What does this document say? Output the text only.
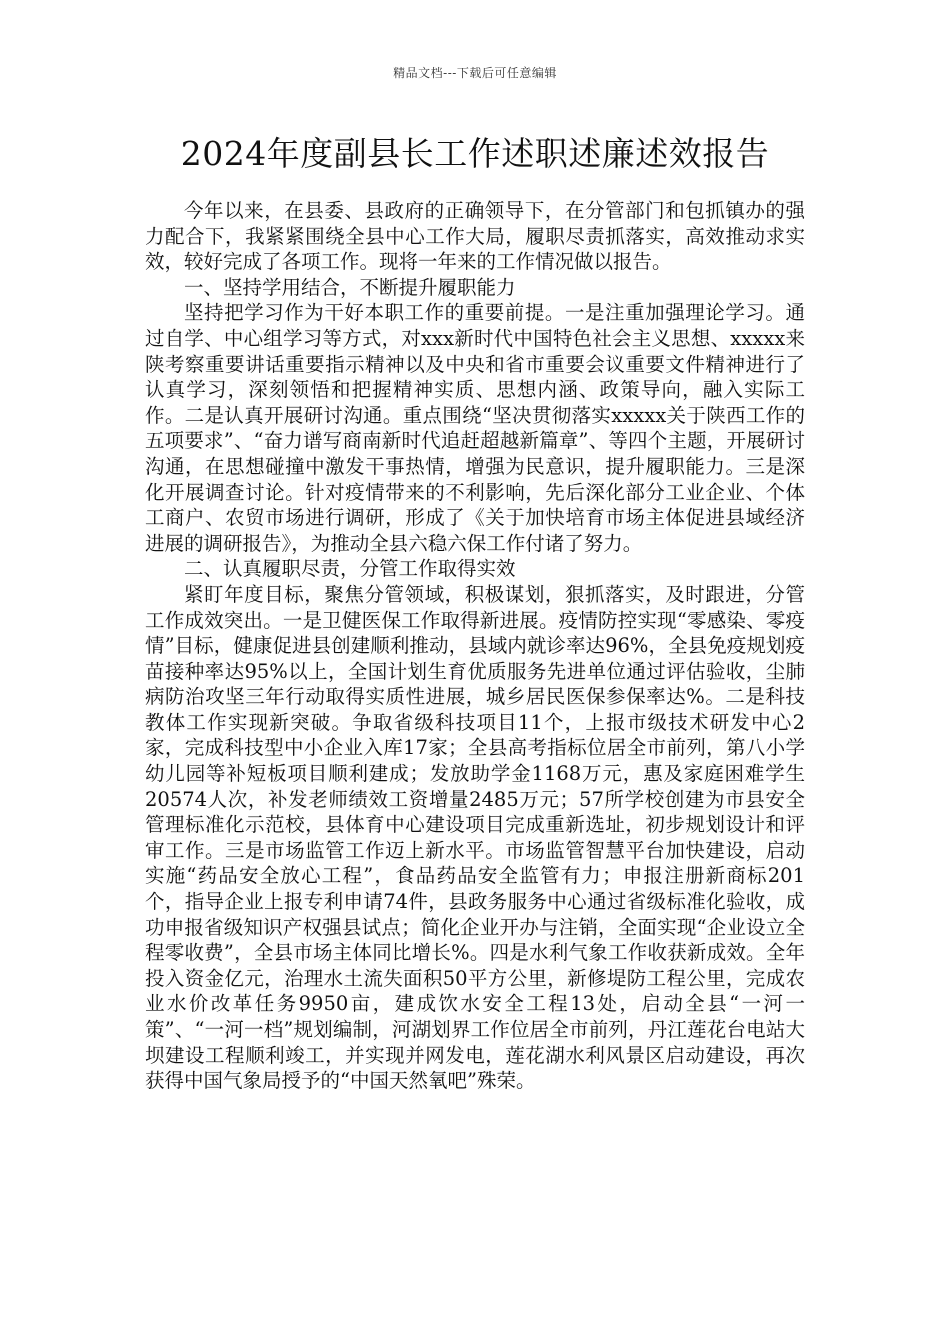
精品文档---下载后可任意编辑
2024年度副县长工作述职述廉述效报告

今年以来，在县委、县政府的正确领导下，在分管部门和包抓镇办的强力配合下，我紧紧围绕全县中心工作大局，履职尽责抓落实，高效推动求实效，较好完成了各项工作。现将一年来的工作情况做以报告。

一、坚持学用结合，不断提升履职能力

坚持把学习作为干好本职工作的重要前提。一是注重加强理论学习。通过自学、中心组学习等方式，对xxx新时代中国特色社会主义思想、xxxxx来陕考察重要讲话重要指示精神以及中央和省市重要会议重要文件精神进行了认真学习，深刻领悟和把握精神实质、思想内涵、政策导向，融入实际工作。二是认真开展研讨沟通。重点围绕“坚决贯彻落实xxxxx关于陕西工作的五项要求”、“奋力谱写商南新时代追赶超越新篇章”、等四个主题，开展研讨沟通，在思想碰撞中激发干事热情，增强为民意识，提升履职能力。三是深化开展调查讨论。针对疫情带来的不利影响，先后深化部分工业企业、个体工商户、农贸市场进行调研，形成了《关于加快培育市场主体促进县域经济进展的调研报告》，为推动全县六稳六保工作付诸了努力。

二、认真履职尽责，分管工作取得实效

紧盯年度目标，聚焦分管领域，积极谋划，狠抓落实，及时跟进，分管工作成效突出。一是卫健医保工作取得新进展。疫情防控实现“零感染、零疫情”目标，健康促进县创建顺利推动，县域内就诊率达96%，全县免疫规划疫苗接种率达95%以上，全国计划生育优质服务先进单位通过评估验收，尘肺病防治攻坚三年行动取得实质性进展，城乡居民医保参保率达%。二是科技教体工作实现新突破。争取省级科技项目11个，上报市级技术研发中心2家，完成科技型中小企业入库17家；全县高考指标位居全市前列，第八小学幼儿园等补短板项目顺利建成；发放助学金1168万元，惠及家庭困难学生20574人次，补发老师绩效工资增量2485万元；57所学校创建为市县安全管理标准化示范校，县体育中心建设项目完成重新选址，初步规划设计和评审工作。三是市场监管工作迈上新水平。市场监管智慧平台加快建设，启动实施“药品安全放心工程”，食品药品安全监管有力；申报注册新商标201个，指导企业上报专利申请74件，县政务服务中心通过省级标准化验收，成功申报省级知识产权强县试点；简化企业开办与注销，全面实现“企业设立全程零收费”，全县市场主体同比增长%。四是水利气象工作收获新成效。全年投入资金亿元，治理水土流失面积50平方公里，新修堤防工程公里，完成农业水价改革任务9950亩，建成饮水安全工程13处，启动全县“一河一策”、“一河一档”规划编制，河湖划界工作位居全市前列，丹江莲花台电站大坝建设工程顺利竣工，并实现并网发电，莲花湖水利风景区启动建设，再次获得中国气象局授予的“中国天然氧吧”殊荣。
